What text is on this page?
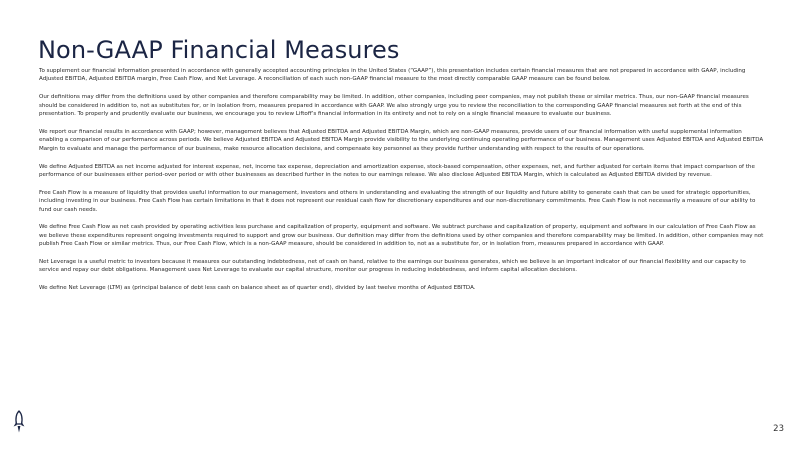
Non-GAAP Financial Measures

To supplement our financial information presented in accordance with generally accepted accounting principles in the United States (“GAAP”), this presentation includes certain financial measures that are not prepared in accordance with GAAP, including Adjusted EBITDA, Adjusted EBITDA margin, Free Cash Flow, and Net Leverage. A reconciliation of each such non-GAAP financial measure to the most directly comparable GAAP measure can be found below.

Our definitions may differ from the definitions used by other companies and therefore comparability may be limited. In addition, other companies, including peer companies, may not publish these or similar metrics. Thus, our non-GAAP financial measures should be considered in addition to, not as substitutes for, or in isolation from, measures prepared in accordance with GAAP. We also strongly urge you to review the reconciliation to the corresponding GAAP financial measures set forth at the end of this presentation. To properly and prudently evaluate our business, we encourage you to review Liftoff’s financial information in its entirety and not to rely on a single financial measure to evaluate our business.

We report our financial results in accordance with GAAP; however, management believes that Adjusted EBITDA and Adjusted EBITDA Margin, which are non-GAAP measures, provide users of our financial information with useful supplemental information enabling a comparison of our performance across periods. We believe Adjusted EBITDA and Adjusted EBITDA Margin provide visibility to the underlying continuing operating performance of our business. Management uses Adjusted EBITDA and Adjusted EBITDA Margin to evaluate and manage the performance of our business, make resource allocation decisions, and compensate key personnel as they provide further understanding with respect to the results of our operations.

We define Adjusted EBITDA as net income adjusted for interest expense, net, income tax expense, depreciation and amortization expense, stock-based compensation, other expenses, net, and further adjusted for certain items that impact comparison of the performance of our businesses either period-over period or with other businesses as described further in the notes to our earnings release. We also disclose Adjusted EBITDA Margin, which is calculated as Adjusted EBITDA divided by revenue.

Free Cash Flow is a measure of liquidity that provides useful information to our management, investors and others in understanding and evaluating the strength of our liquidity and future ability to generate cash that can be used for strategic opportunities, including investing in our business. Free Cash Flow has certain limitations in that it does not represent our residual cash flow for discretionary expenditures and our non-discretionary commitments. Free Cash Flow is not necessarily a measure of our ability to fund our cash needs.

We define Free Cash Flow as net cash provided by operating activities less purchase and capitalization of property, equipment and software. We subtract purchase and capitalization of property, equipment and software in our calculation of Free Cash Flow as we believe these expenditures represent ongoing investments required to support and grow our business. Our definition may differ from the definitions used by other companies and therefore comparability may be limited. In addition, other companies may not publish Free Cash Flow or similar metrics. Thus, our Free Cash Flow, which is a non-GAAP measure, should be considered in addition to, not as a substitute for, or in isolation from, measures prepared in accordance with GAAP.

Net Leverage is a useful metric to investors because it measures our outstanding indebtedness, net of cash on hand, relative to the earnings our business generates, which we believe is an important indicator of our financial flexibility and our capacity to service and repay our debt obligations. Management uses Net Leverage to evaluate our capital structure, monitor our progress in reducing indebtedness, and inform capital allocation decisions.

We define Net Leverage (LTM) as (principal balance of debt less cash on balance sheet as of quarter end), divided by last twelve months of Adjusted EBITDA.

23
